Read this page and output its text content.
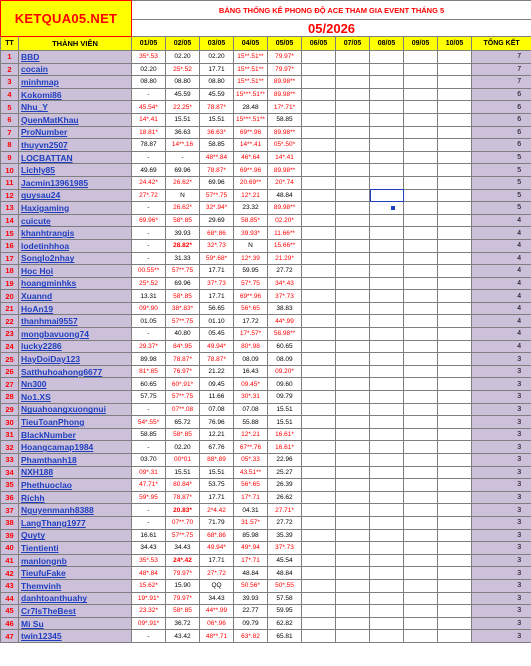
KETQUA05.NET		BẢNG THỐNG KÊ PHONG ĐỘ ACE THAM GIA EVENT THÁNG 5										
		05/2026										
TT	THÀNH VIÊN	01/05	02/05	03/05	04/05	05/05	06/05	07/05	08/05	09/05	10/05	TỔNG KẾT
1	BBD	35*.53	02.20	02.20	15**.51**	79.97*						7
2	cocain	02.20	25*.52	17.71	15**.51**	79.97*						7
3	minhmap	08.80	08.80	08.80	15**.51**	89.98**						7
4	Kokomi86	-	45.59	45.59	15***.51**	89.98**						6
5	Nhu_Y	45.54*	22.25*	78.87*	28.48	17*.71*						6
6	QuenMatKhau	14*.41	15.51	15.51	15***.51**	58.85						6
7	ProNumber	18.81*	36.63	36.63*	69**.96	89.98**						6
8	thuyvn2507	78.87	14**.16	58.85	14**.41	05*.50*						6
9	LOCBATTAN	-	-	48**.84	46*.64	14*.41						5
10	Lichly85	49.69	69.96	78.87*	69**.96	89.98**						5
11	Jacmin13961985	24.42*	26.62*	69.96	20.69**	20*.74						5
12	quysau24	27*.72	N	57**.75	12*.21	48.84						5
13	Haxigaming	-	26.62*	32*.94*	23.32	89.98**						5
14	cuicute	69.96*	58*.85	29.69	58.85*	02.20*						4
15	khanhtrangis	-	39.93	68*.86	39.93*	11.66**						4
16	lodetinhhoa	-	28.82*	32*.73	N	15.66**						4
17	Songlo2nhay	-	31.33	59*.68*	12*.39	21.29*						4
18	Hoc Hoi	00.55**	57**.75	17.71	59.95	27.72						4
19	hoangminhks	25*.52	69.96	37*.73	57*.75	34*.43						4
20	Xuannd	13.31	58*.85	17.71	69**.96	37*.73						4
21	HoAn19	09*.90	38*.83*	56.65	56*.65	38.83						4
22	thanhmai9557	01.05	57**.75	01.10	17.72	44*.99						4
23	mongbavuong74	-	40.80	05.45	17*.57*	58.98**						4
24	lucky2286	29.37*	84*.95	49.94*	80*.98	60.65						4
25	HayDoiDay123	89.98	78.87*	78.87*	08.09	08.09						3
26	Satthuhoahong6677	81*.85	76.97*	21.22	16.43	09.20*						3
27	Nn300	60.65	60*.91*	09.45	09.45*	09.60						3
28	No1.XS	57.75	57**.75	11.66	30*.31	09.79						3
29	Nguahoangxuongnui	-	07**.08	07.08	07.08	15.51						3
30	TieuToanPhong	54*.55*	65.72	76.96	55.88	15.51						3
31	BlackNumber	58.85	58*.85	12.21	12*.21	16.61*						3
32	Hoangcamap1984	-	02.20	67.76	67**.76	16.61*						3
33	Phamthanh18	03.70	00*01	88*.89	05*.33	22.96						3
34	NXH188	09*.31	15.51	15.51	43.51**	25.27						3
35	Phethuoclao	47.71*	80.84*	53.75	56*.65	26.39						3
36	Richh	59*.95	78.87*	17.71	17*.71	26.62						3
37	Nguyenmanh8388	-	20.83*	2*4.42	04.31	27.71*						3
38	LangThang1977	-	07**.70	71.79	31.57*	27.72						3
39	Quyty	16.61	57**.75	68*.86	85.98	35.39						3
40	Tientienti	34.43	34.43	49.94*	49*.94	37*.73						3
41	manlongnb	35*.53	24*.42	17.71	17*.71	45.54						3
42	TieufuFake	48*.84	79.97*	27*.72	48.84	48.84						3
43	Themvinh	15.62*	15.90	QQ	50.56*	50*.55						3
44	danhtoanthuahy	19*.91*	79.97*	34.43	39.93	57.58						3
45	Cr7IsTheBest	23.32*	58*.85	44**.99	22.77	59.95						3
46	Mi Su	09*.91*	36.72	06*.96	09.79	62.82						3
47	twin12345	-	43.42	48**.71	63*.82	65.81						3
